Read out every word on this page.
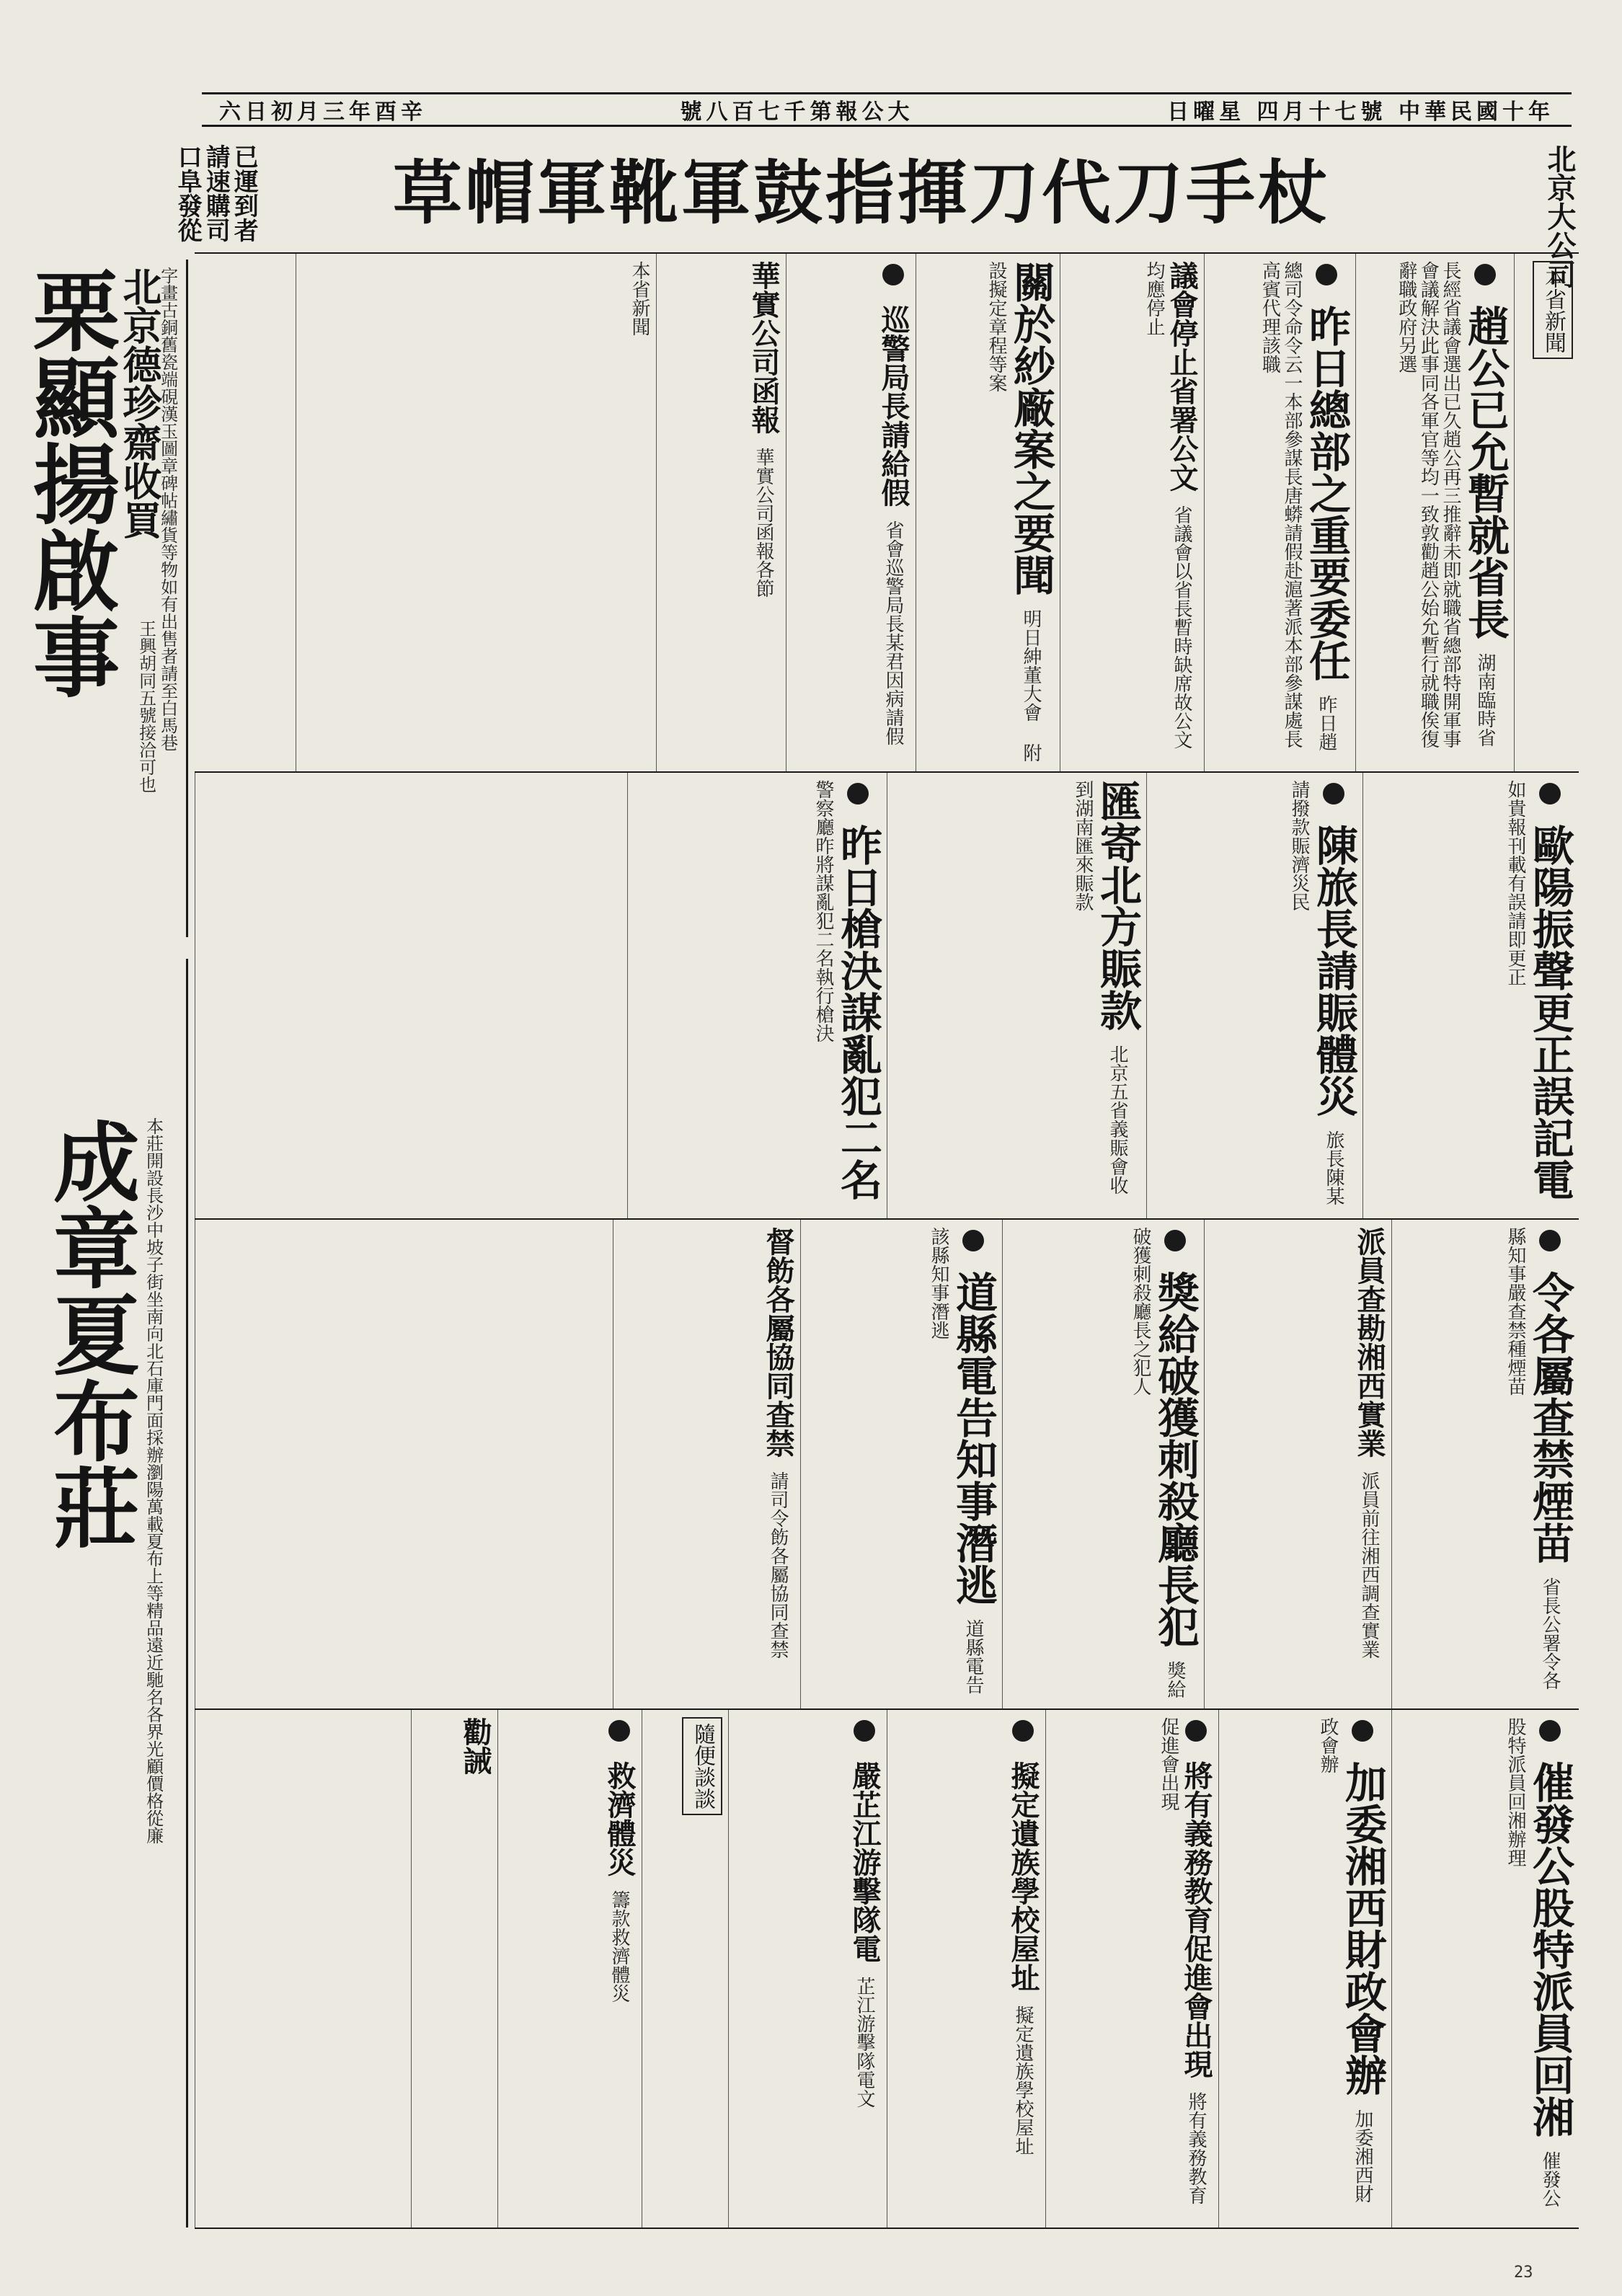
六日初月三年酉辛	號八百七千第報公大	日曜星 四月十七號 中華民國十年
北京大公司
草帽軍靴軍鼓指揮刀代刀手杖
已運到者請速購司口阜發從
栗顯揚啟事
北京德珍齋收買
字畫古銅舊瓷端硯漢玉圖章碑帖繡貨等物如有出售者請至白馬巷
王興胡同五號接洽可也
成章夏布莊 本莊開設長沙中坡子街坐南向北石庫門面採辦瀏陽萬載夏布上等精品遠近馳名各界光顧價格從廉
本省新聞
趙公已允暫就省長 湖南臨時省長經省議會選出已久趙公再三推辭未即就職省總部特開軍事會議解決此事同各軍官等均一致敦勸趙公始允暫行就職俟復辭職政府另選
昨日總部之重要委任 昨日趙總司令命令云一本部參謀長唐蟒請假赴滬著派本部參謀處長高賓代理該職
議會停止省署公文 省議會以省長暫時缺席故公文均應停止
關於紗廠案之要聞 明日紳董大會 附設擬定章程等案
巡警局長請給假 省會巡警局長某君因病請假
華實公司函報 華實公司函報各節
本省新聞
歐陽振聲更正誤記電 如貴報刊載有誤請即更正
陳旅長請賑體災 旅長陳某請撥款賑濟災民
匯寄北方賑款 北京五省義賑會收到湖南匯來賑款
昨日槍決謀亂犯二名 警察廳昨將謀亂犯二名執行槍決
令各屬查禁煙苗 省長公署令各縣知事嚴查禁種煙苗
派員查勘湘西實業 派員前往湘西調查實業
獎給破獲刺殺廳長犯 獎給破獲刺殺廳長之犯人
道縣電告知事潛逃 道縣電告該縣知事潛逃
督飭各屬協同查禁 請司令飭各屬協同查禁
催發公股特派員回湘 催發公股特派員回湘辦理
加委湘西財政會辦 加委湘西財政會辦
將有義務教育促進會出現 將有義務教育促進會出現
擬定遺族學校屋址 擬定遺族學校屋址
嚴芷江游擊隊電 芷江游擊隊電文
隨便談談
救濟體災 籌款救濟體災
勸誡
23
